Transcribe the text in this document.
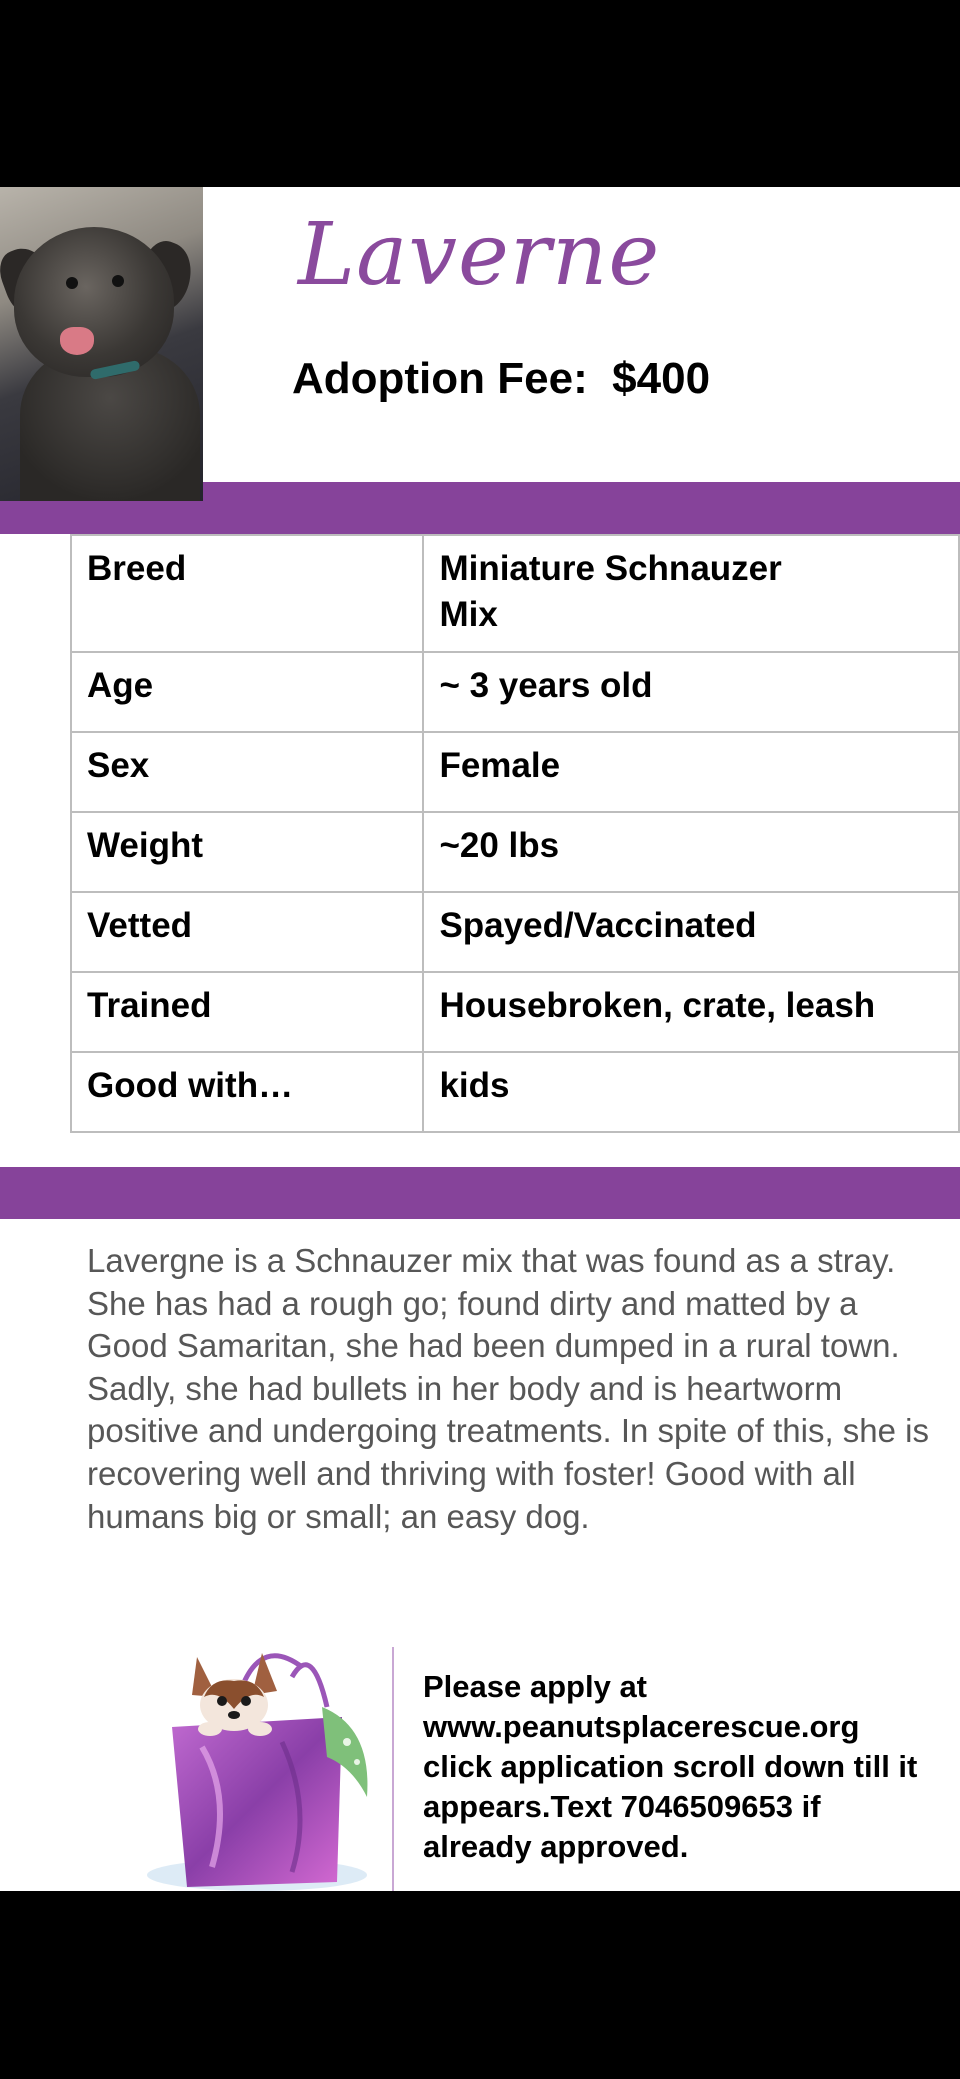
Laverne
Adoption Fee:  $400
Breed	Miniature Schnauzer
Mix
Age	~ 3 years old
Sex	Female
Weight	~20 lbs
Vetted	Spayed/Vaccinated
Trained	Housebroken, crate, leash
Good with…	kids
Lavergne is a Schnauzer mix that was found as a stray. She has had a rough go; found dirty and matted by a Good Samaritan, she had been dumped in a rural town. Sadly, she had bullets in her body and is heartworm positive and undergoing treatments. In spite of this, she is recovering well and thriving with foster! Good with all humans big or small; an easy dog.
Please apply at
www.peanutsplacerescue.org
click application scroll down till it
appears.Text 7046509653 if
already approved.
